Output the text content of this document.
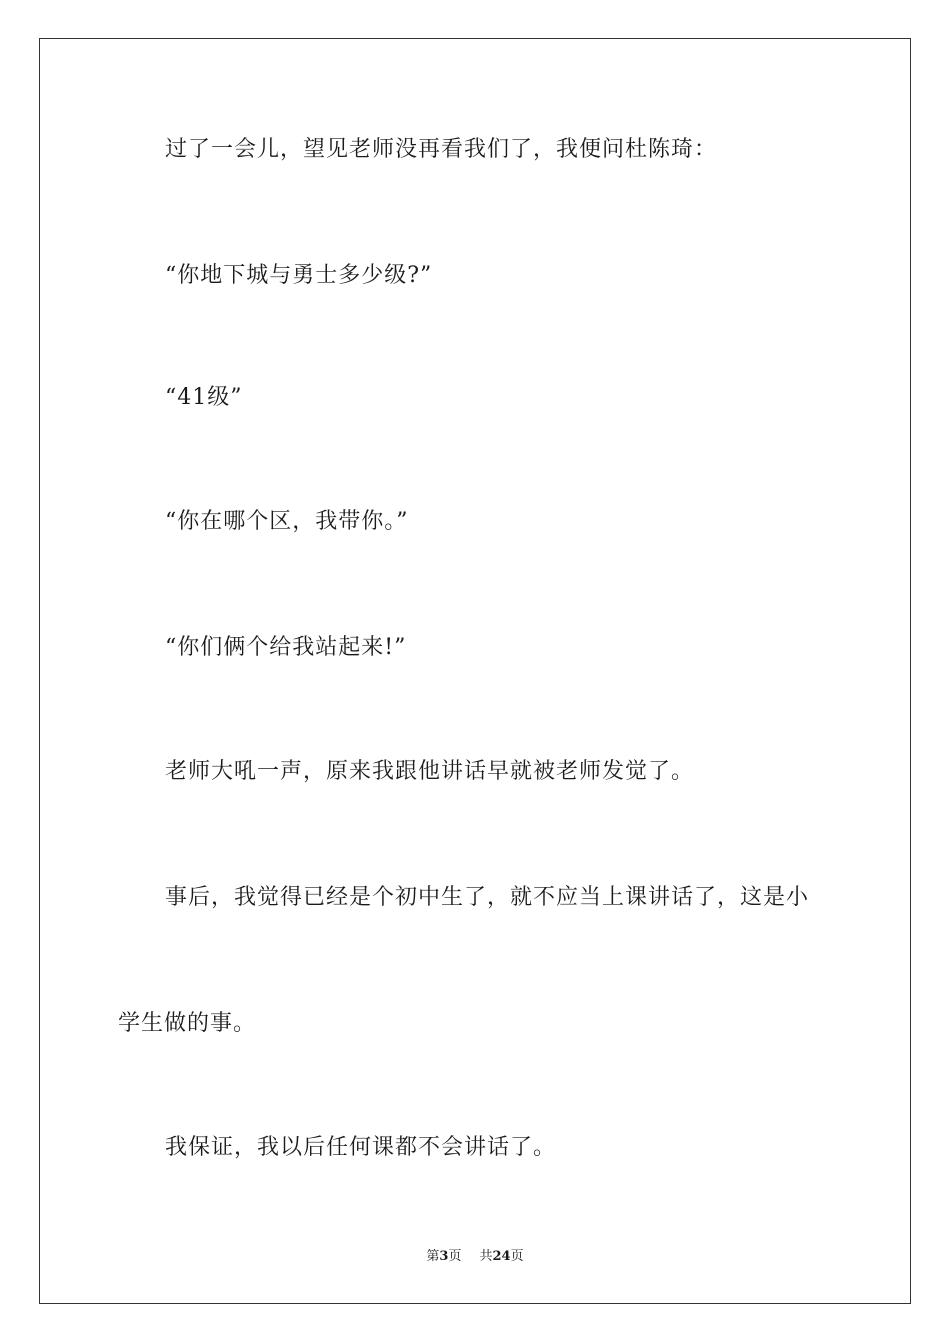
过了一会儿，望见老师没再看我们了，我便问杜陈琦：

“你地下城与勇士多少级?”

“41级”

“你在哪个区，我带你。”

“你们俩个给我站起来!”

老师大吼一声，原来我跟他讲话早就被老师发觉了。

事后，我觉得已经是个初中生了，就不应当上课讲话了，这是小

学生做的事。

我保证，我以后任何课都不会讲话了。

第3页 共24页
